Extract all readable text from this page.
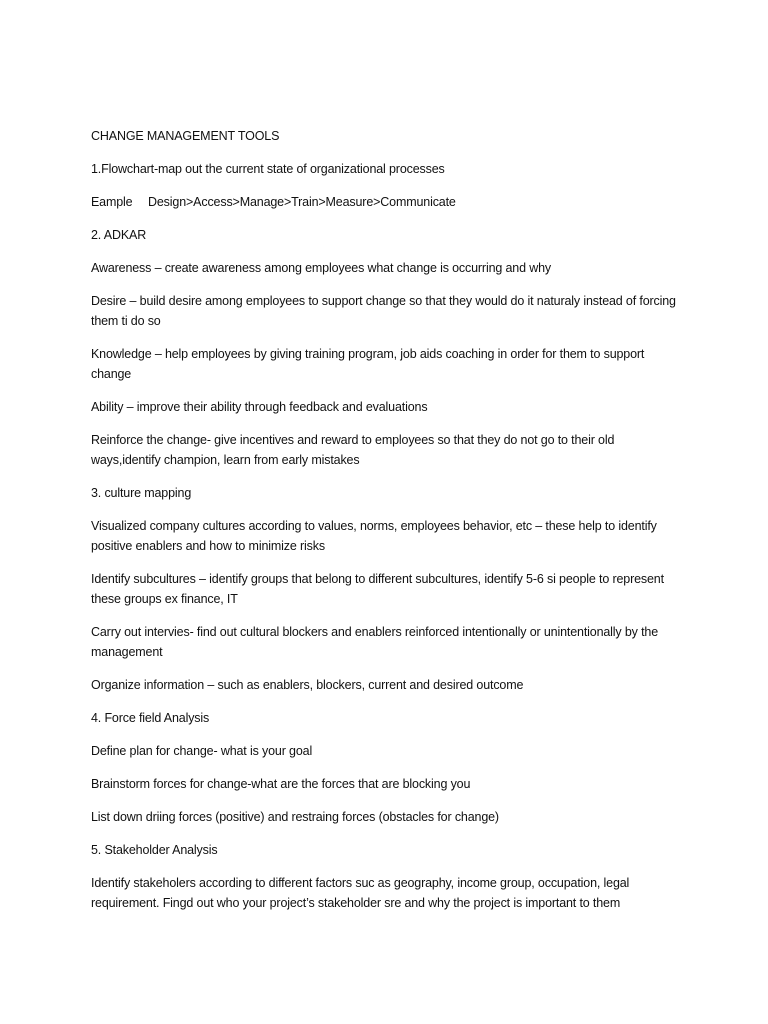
CHANGE MANAGEMENT TOOLS

1.Flowchart-map out the current state of organizational processes

Eample	Design>Access>Manage>Train>Measure>Communicate

2. ADKAR

Awareness – create awareness among employees what change is occurring and why

Desire – build desire among employees to support change so that they would do it naturaly instead of forcing them ti do so

Knowledge – help employees by giving training program, job aids coaching in order for them to support change

Ability – improve their ability through feedback and evaluations

Reinforce the change- give incentives and reward to employees so that they do not go to their old ways,identify champion, learn from early mistakes

3. culture mapping

Visualized company cultures according to values, norms, employees behavior, etc – these help to identify positive enablers and how to minimize risks

Identify subcultures – identify groups that belong to different subcultures, identify 5-6 si people to represent these groups ex finance, IT

Carry out intervies- find out cultural blockers and enablers reinforced intentionally or unintentionally by the management

Organize information – such as enablers, blockers, current and desired outcome

4. Force field Analysis

Define plan for change- what is your goal

Brainstorm forces for change-what are the forces that are blocking you

List down driing forces (positive) and restraing forces (obstacles for change)

5. Stakeholder Analysis

Identify stakeholers according to different factors suc as geography, income group, occupation, legal requirement. Fingd out who your project’s stakeholder sre and why the project is important to them
